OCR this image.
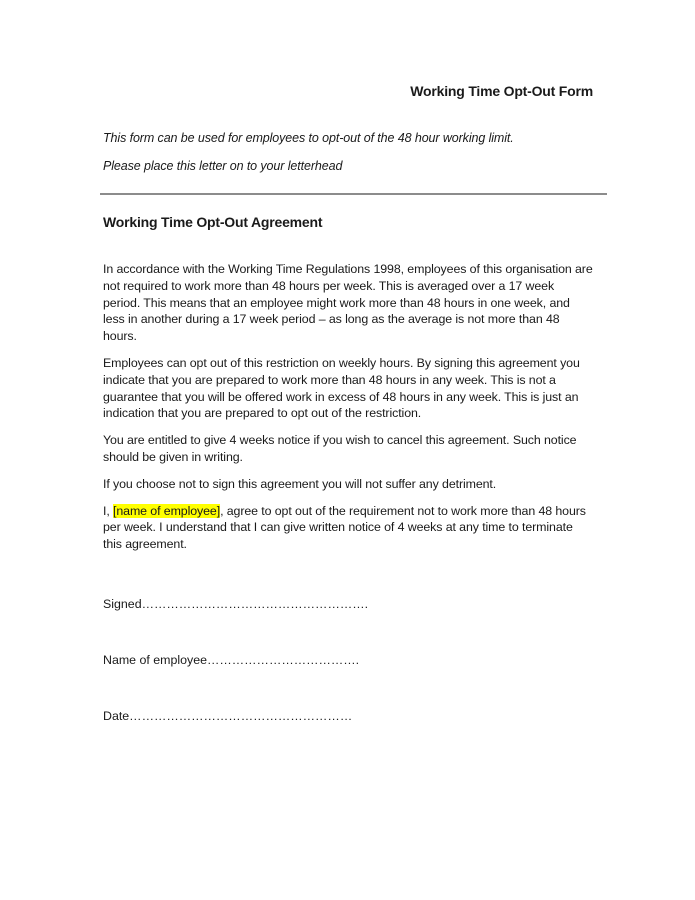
Working Time Opt-Out Form

This form can be used for employees to opt-out of the 48 hour working limit.

Please place this letter on to your letterhead

Working Time Opt-Out Agreement

In accordance with the Working Time Regulations 1998, employees of this organisation are not required to work more than 48 hours per week. This is averaged over a 17 week period. This means that an employee might work more than 48 hours in one week, and less in another during a 17 week period – as long as the average is not more than 48 hours.

Employees can opt out of this restriction on weekly hours. By signing this agreement you indicate that you are prepared to work more than 48 hours in any week. This is not a guarantee that you will be offered work in excess of 48 hours in any week. This is just an indication that you are prepared to opt out of the restriction.

You are entitled to give 4 weeks notice if you wish to cancel this agreement. Such notice should be given in writing.

If you choose not to sign this agreement you will not suffer any detriment.

I, [name of employee], agree to opt out of the requirement not to work more than 48 hours per week. I understand that I can give written notice of 4 weeks at any time to terminate this agreement.

Signed……………………………………………….

Name of employee……………………………….

Date………………………………………………
